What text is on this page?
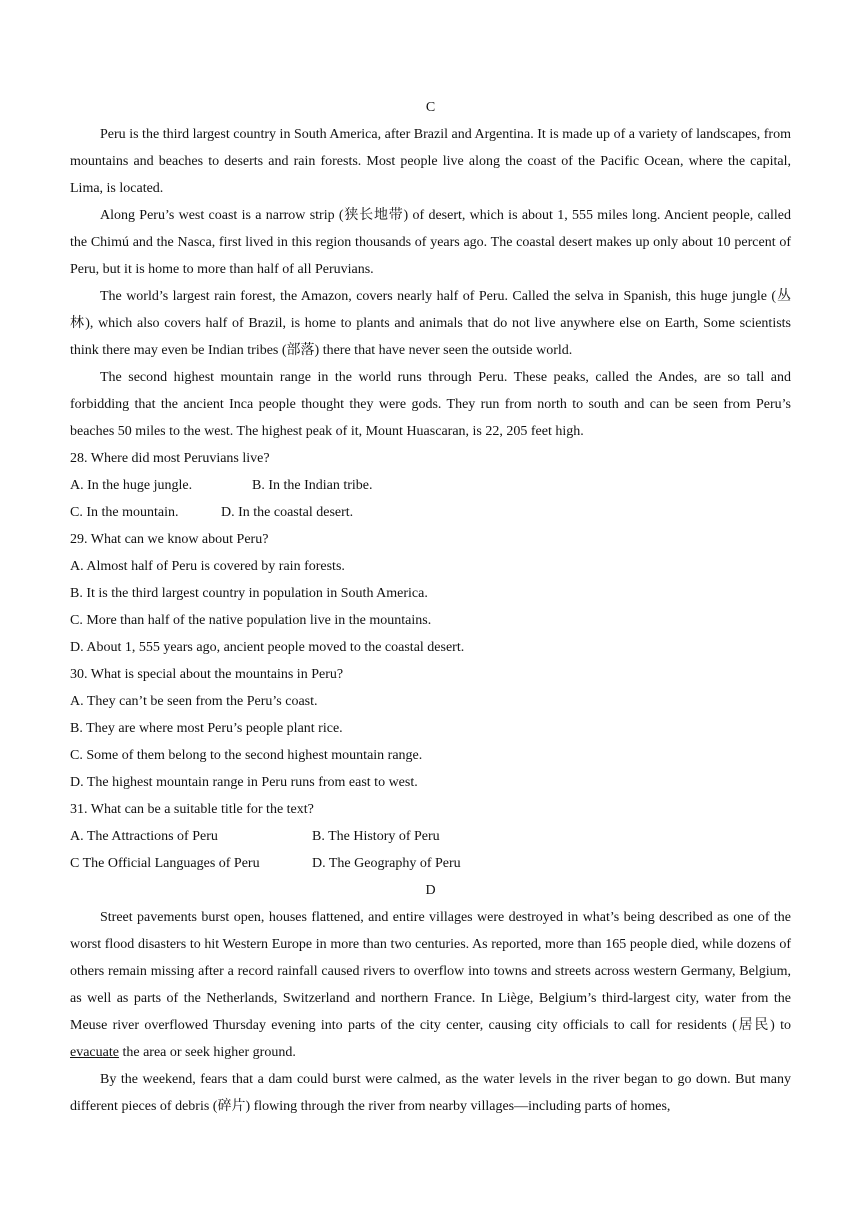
C

Peru is the third largest country in South America, after Brazil and Argentina. It is made up of a variety of landscapes, from mountains and beaches to deserts and rain forests. Most people live along the coast of the Pacific Ocean, where the capital, Lima, is located.

Along Peru’s west coast is a narrow strip (狭长地带) of desert, which is about 1, 555 miles long. Ancient people, called the Chimú and the Nasca, first lived in this region thousands of years ago. The coastal desert makes up only about 10 percent of Peru, but it is home to more than half of all Peruvians.

The world’s largest rain forest, the Amazon, covers nearly half of Peru. Called the selva in Spanish, this huge jungle (丛林), which also covers half of Brazil, is home to plants and animals that do not live anywhere else on Earth, Some scientists think there may even be Indian tribes (部落) there that have never seen the outside world.

The second highest mountain range in the world runs through Peru. These peaks, called the Andes, are so tall and forbidding that the ancient Inca people thought they were gods. They run from north to south and can be seen from Peru’s beaches 50 miles to the west. The highest peak of it, Mount Huascaran, is 22, 205 feet high.

28. Where did most Peruvians live?
A. In the huge jungle.	B. In the Indian tribe.
C. In the mountain.	D. In the coastal desert.
29. What can we know about Peru?
A. Almost half of Peru is covered by rain forests.
B. It is the third largest country in population in South America.
C. More than half of the native population live in the mountains.
D. About 1, 555 years ago, ancient people moved to the coastal desert.
30. What is special about the mountains in Peru?
A. They can’t be seen from the Peru’s coast.
B. They are where most Peru’s people plant rice.
C. Some of them belong to the second highest mountain range.
D. The highest mountain range in Peru runs from east to west.
31. What can be a suitable title for the text?
A. The Attractions of Peru	B. The History of Peru
C The Official Languages of Peru	D. The Geography of Peru
D

Street pavements burst open, houses flattened, and entire villages were destroyed in what’s being described as one of the worst flood disasters to hit Western Europe in more than two centuries. As reported, more than 165 people died, while dozens of others remain missing after a record rainfall caused rivers to overflow into towns and streets across western Germany, Belgium, as well as parts of the Netherlands, Switzerland and northern France. In Liège, Belgium’s third-largest city, water from the Meuse river overflowed Thursday evening into parts of the city center, causing city officials to call for residents (居民) to evacuate the area or seek higher ground.

By the weekend, fears that a dam could burst were calmed, as the water levels in the river began to go down. But many different pieces of debris (碎片) flowing through the river from nearby villages—including parts of homes,
